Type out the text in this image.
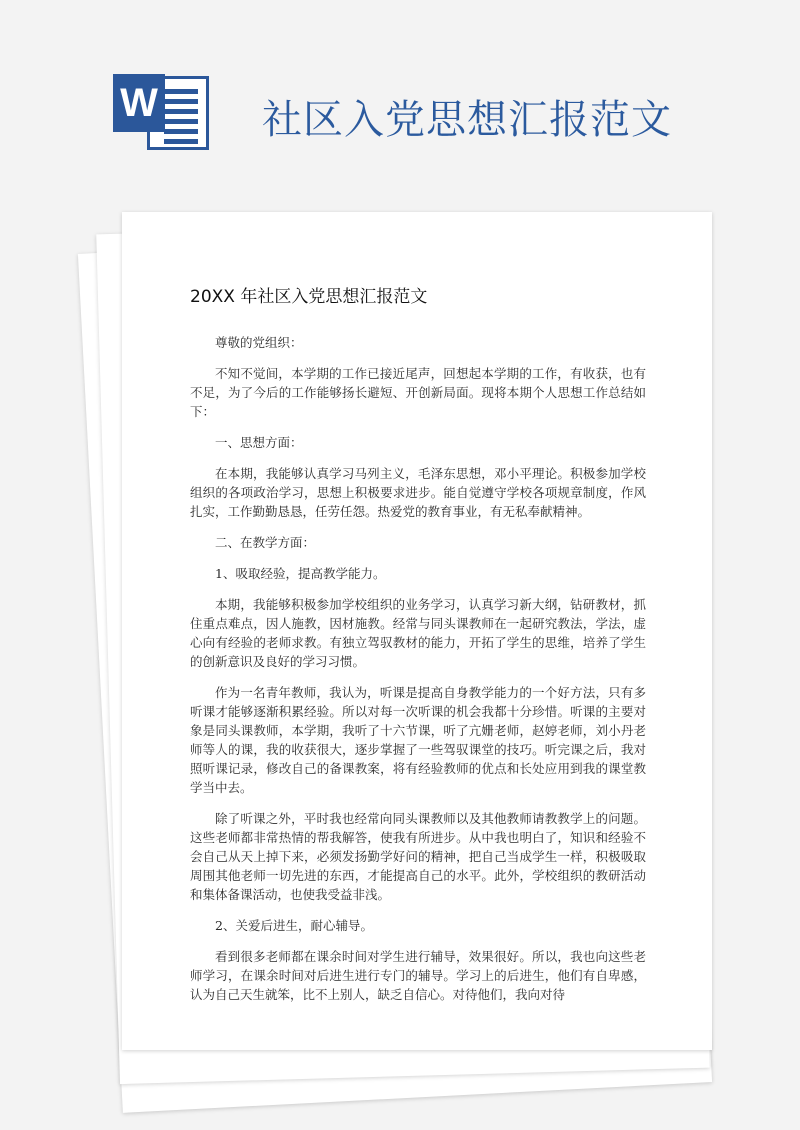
W	社区入党思想汇报范文
20XX 年社区入党思想汇报范文

尊敬的党组织：

不知不觉间，本学期的工作已接近尾声，回想起本学期的工作，有收获，也有不足，为了今后的工作能够扬长避短、开创新局面。现将本期个人思想工作总结如下：

一、思想方面：

在本期，我能够认真学习马列主义，毛泽东思想，邓小平理论。积极参加学校组织的各项政治学习，思想上积极要求进步。能自觉遵守学校各项规章制度，作风扎实，工作勤勤恳恳，任劳任怨。热爱党的教育事业，有无私奉献精神。

二、在教学方面：

1、吸取经验，提高教学能力。

本期，我能够积极参加学校组织的业务学习，认真学习新大纲，钻研教材，抓住重点难点，因人施教，因材施教。经常与同头课教师在一起研究教法，学法，虚心向有经验的老师求教。有独立驾驭教材的能力，开拓了学生的思维，培养了学生的创新意识及良好的学习习惯。

作为一名青年教师，我认为，听课是提高自身教学能力的一个好方法，只有多听课才能够逐渐积累经验。所以对每一次听课的机会我都十分珍惜。听课的主要对象是同头课教师，本学期，我听了十六节课，听了亢姗老师，赵婷老师，刘小丹老师等人的课，我的收获很大，逐步掌握了一些驾驭课堂的技巧。听完课之后，我对照听课记录，修改自己的备课教案，将有经验教师的优点和长处应用到我的课堂教学当中去。

除了听课之外，平时我也经常向同头课教师以及其他教师请教教学上的问题。这些老师都非常热情的帮我解答，使我有所进步。从中我也明白了，知识和经验不会自己从天上掉下来，必须发扬勤学好问的精神，把自己当成学生一样，积极吸取周围其他老师一切先进的东西，才能提高自己的水平。此外，学校组织的教研活动和集体备课活动，也使我受益非浅。

2、关爱后进生，耐心辅导。

看到很多老师都在课余时间对学生进行辅导，效果很好。所以，我也向这些老师学习，在课余时间对后进生进行专门的辅导。学习上的后进生，他们有自卑感，认为自己天生就笨，比不上别人，缺乏自信心。对待他们，我向对待
